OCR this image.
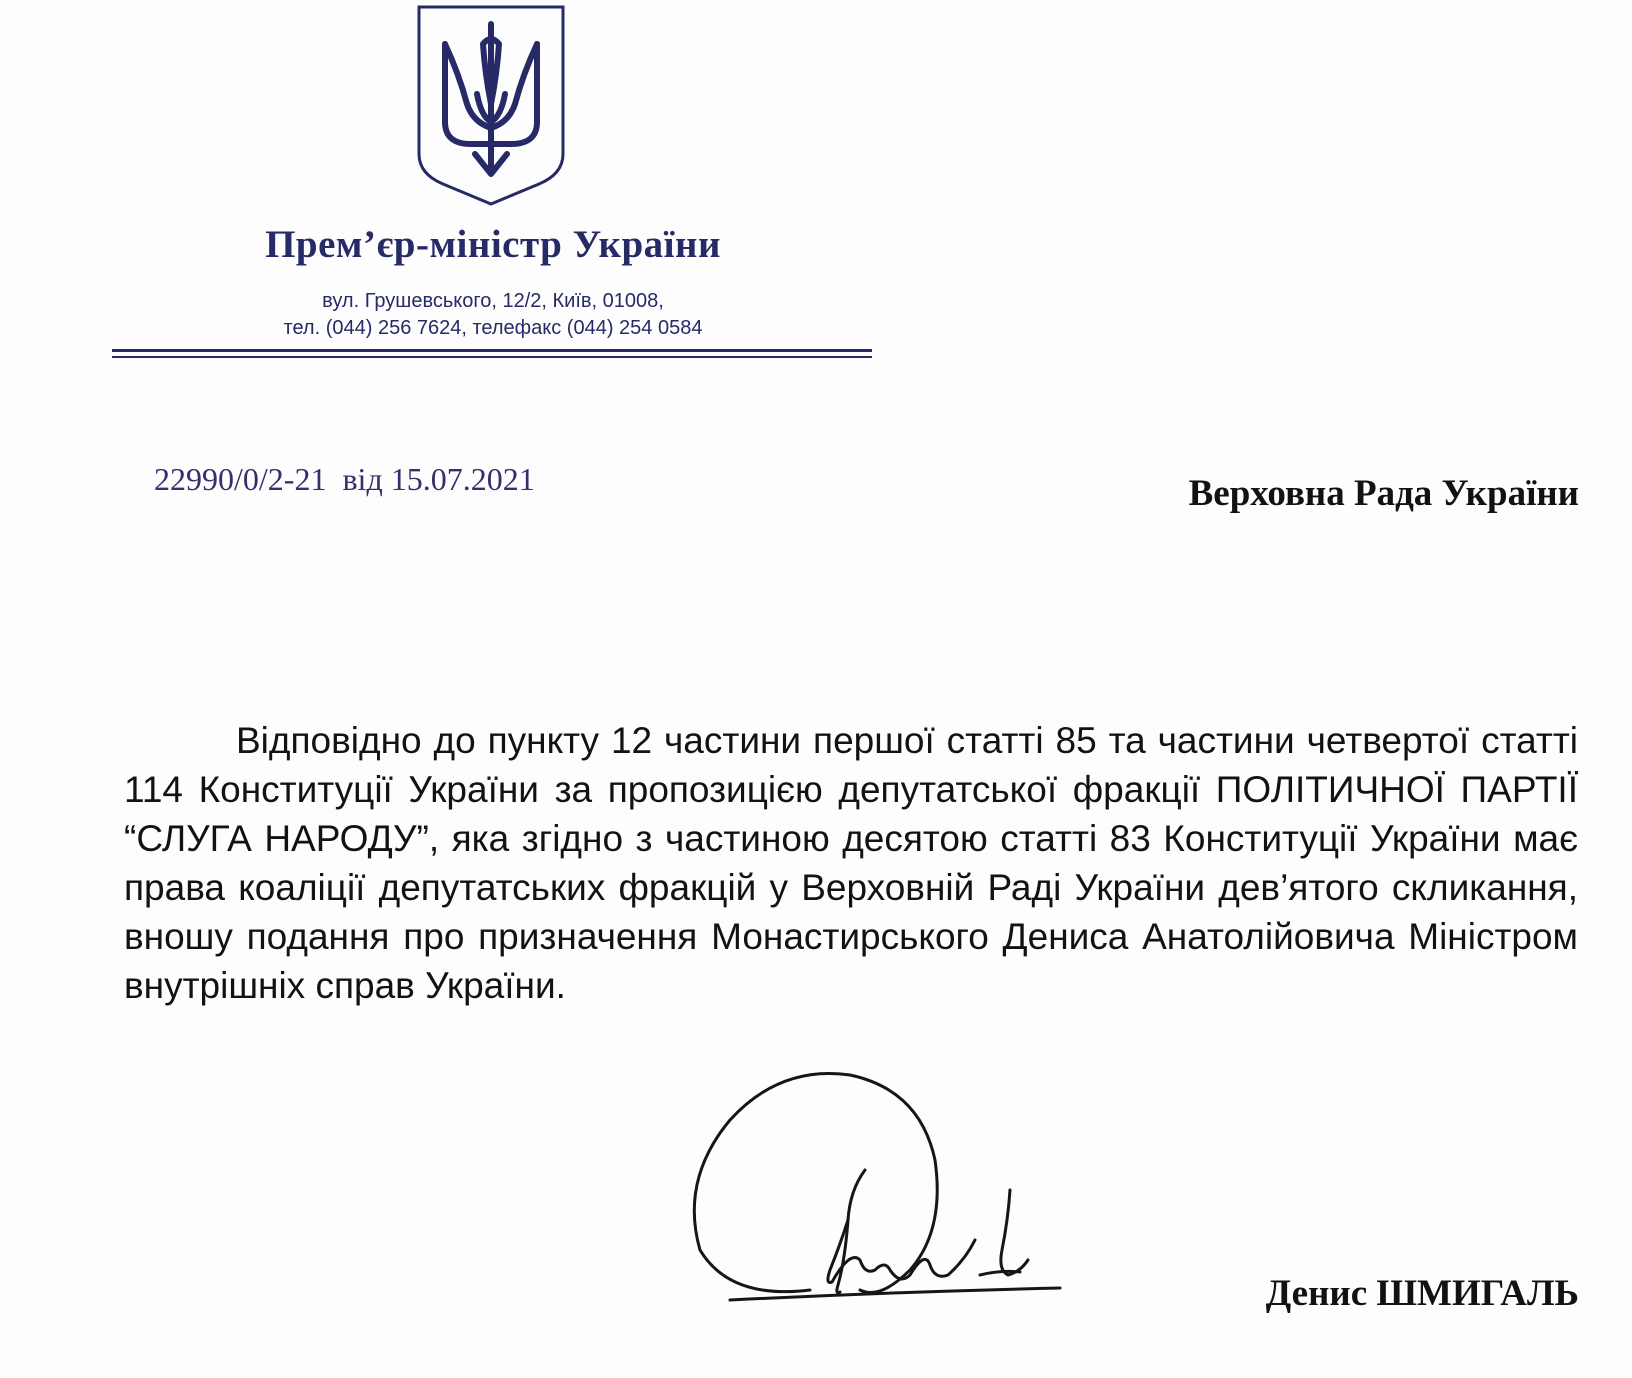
Прем’єр-міністр України
вул. Грушевського, 12/2, Київ, 01008,
тел. (044) 256 7624, телефакс (044) 254 0584
22990/0/2-21  від 15.07.2021	Верховна Рада України

Відповідно до пункту 12 частини першої статті 85 та частини четвертої статті 114 Конституції України за пропозицією депутатської фракції ПОЛІТИЧНОЇ ПАРТІЇ “СЛУГА НАРОДУ”, яка згідно з частиною десятою статті 83 Конституції України має права коаліції депутатських фракцій у Верховній Раді України дев’ятого скликання, вношу подання про призначення Монастирського Дениса Анатолійовича Міністром внутрішніх справ України.

Денис ШМИГАЛЬ
